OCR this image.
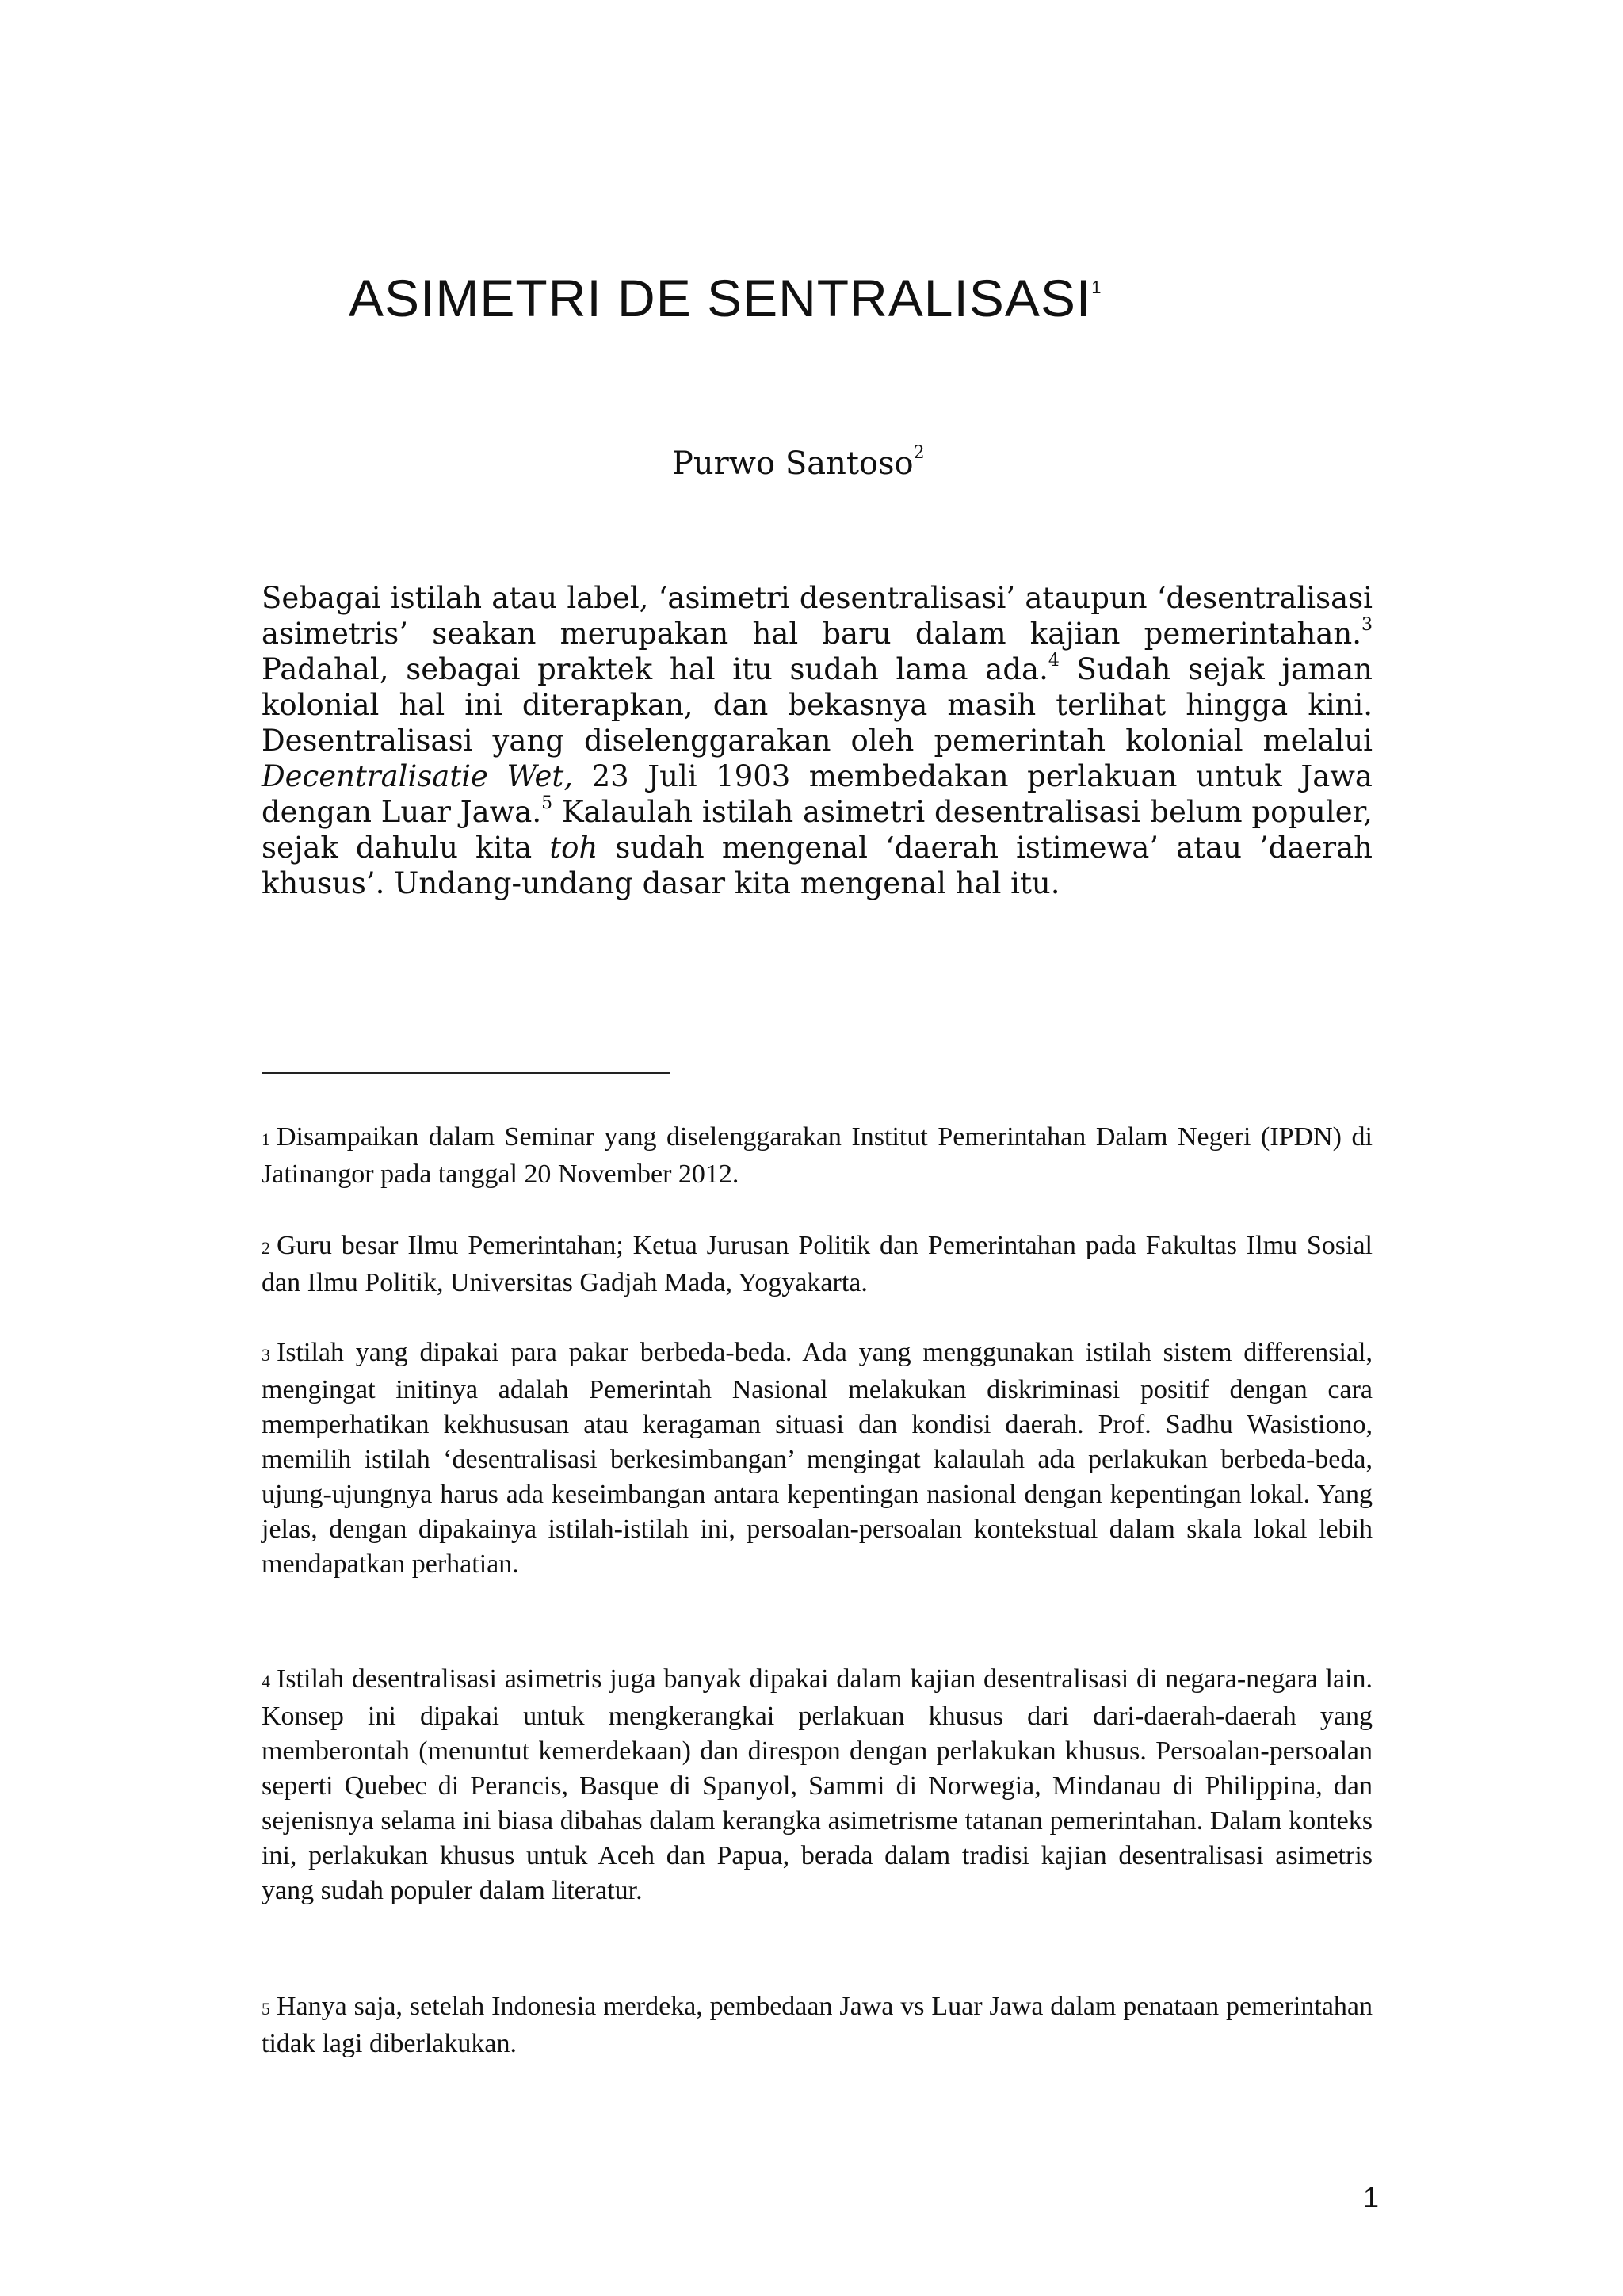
ASIMETRI DE SENTRALISASI$^1$
Purwo Santoso$^2$

Sebagai istilah atau label, ‘asimetri desentralisasi’ ataupun ‘desentralisasi asimetris’ seakan merupakan hal baru dalam kajian pemerintahan.$^3$ Padahal, sebagai praktek hal itu sudah lama ada.$^4$ Sudah sejak jaman kolonial hal ini diterapkan, dan bekasnya masih terlihat hingga kini. Desentralisasi yang diselenggarakan oleh pemerintah kolonial melalui Decentralisatie Wet, 23 Juli 1903 membedakan perlakuan untuk Jawa dengan Luar Jawa.$^5$ Kalaulah istilah asimetri desentralisasi belum populer, sejak dahulu kita toh sudah mengenal ‘daerah istimewa’ atau ’daerah khusus’. Undang-undang dasar kita mengenal hal itu.

1 Disampaikan dalam Seminar yang diselenggarakan Institut Pemerintahan Dalam Negeri (IPDN) di Jatinangor pada tanggal 20 November 2012.

2 Guru besar Ilmu Pemerintahan; Ketua Jurusan Politik dan Pemerintahan pada Fakultas Ilmu Sosial dan Ilmu Politik, Universitas Gadjah Mada, Yogyakarta.

3 Istilah yang dipakai para pakar berbeda-beda. Ada yang menggunakan istilah sistem differensial, mengingat initinya adalah Pemerintah Nasional melakukan diskriminasi positif dengan cara memperhatikan kekhususan atau keragaman situasi dan kondisi daerah. Prof. Sadhu Wasistiono, memilih istilah ‘desentralisasi berkesimbangan’ mengingat kalaulah ada perlakukan berbeda-beda, ujung-ujungnya harus ada keseimbangan antara kepentingan nasional dengan kepentingan lokal. Yang jelas, dengan dipakainya istilah-istilah ini, persoalan-persoalan kontekstual dalam skala lokal lebih mendapatkan perhatian.

4 Istilah desentralisasi asimetris juga banyak dipakai dalam kajian desentralisasi di negara-negara lain. Konsep ini dipakai untuk mengkerangkai perlakuan khusus dari dari-daerah-daerah yang memberontah (menuntut kemerdekaan) dan direspon dengan perlakukan khusus. Persoalan-persoalan seperti Quebec di Perancis, Basque di Spanyol, Sammi di Norwegia, Mindanau di Philippina, dan sejenisnya selama ini biasa dibahas dalam kerangka asimetrisme tatanan pemerintahan. Dalam konteks ini, perlakukan khusus untuk Aceh dan Papua, berada dalam tradisi kajian desentralisasi asimetris yang sudah populer dalam literatur.

5 Hanya saja, setelah Indonesia merdeka, pembedaan Jawa vs Luar Jawa dalam penataan pemerintahan tidak lagi diberlakukan.

1
